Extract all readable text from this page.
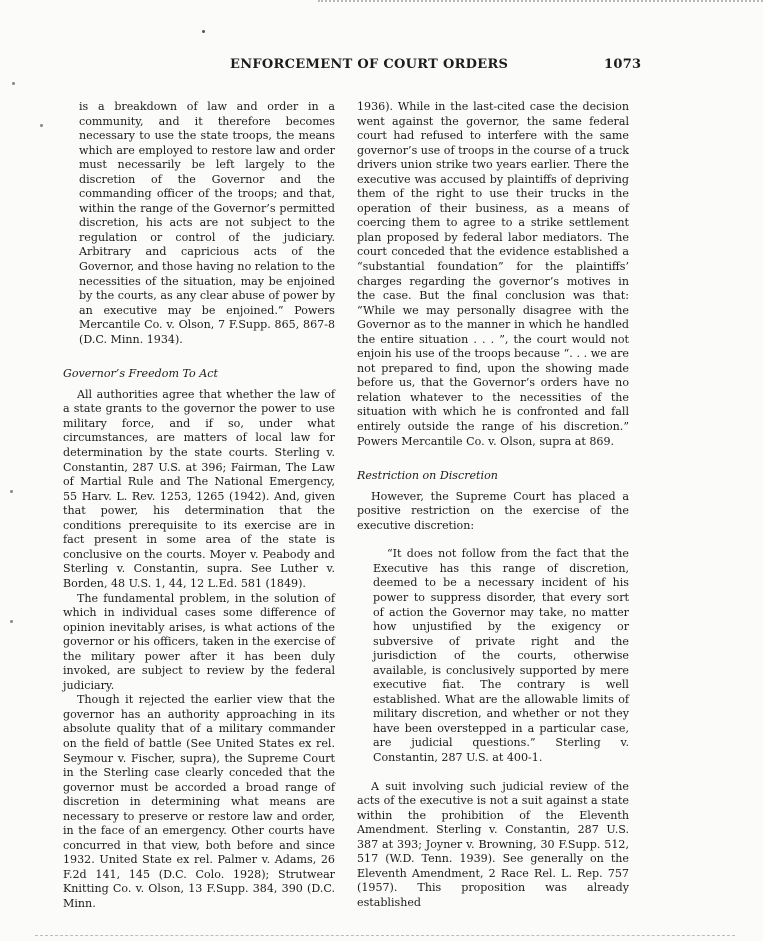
ENFORCEMENT OF COURT ORDERS	1073

is a breakdown of law and order in a community, and it therefore becomes necessary to use the state troops, the means which are employed to restore law and order must necessarily be left largely to the discretion of the Governor and the commanding officer of the troops; and that, within the range of the Governor’s permitted discretion, his acts are not subject to the regulation or control of the judiciary. Arbitrary and capricious acts of the Governor, and those having no relation to the necessities of the situation, may be enjoined by the courts, as any clear abuse of power by an executive may be enjoined.” Powers Mercantile Co. v. Olson, 7 F.Supp. 865, 867-8 (D.C. Minn. 1934).

Governor’s Freedom To Act

All authorities agree that whether the law of a state grants to the governor the power to use military force, and if so, under what circumstances, are matters of local law for determination by the state courts. Sterling v. Constantin, 287 U.S. at 396; Fairman, The Law of Martial Rule and The National Emergency, 55 Harv. L. Rev. 1253, 1265 (1942). And, given that power, his determination that the conditions prerequisite to its exercise are in fact present in some area of the state is conclusive on the courts. Moyer v. Peabody and Sterling v. Constantin, supra. See Luther v. Borden, 48 U.S. 1, 44, 12 L.Ed. 581 (1849).

The fundamental problem, in the solution of which in individual cases some difference of opinion inevitably arises, is what actions of the governor or his officers, taken in the exercise of the military power after it has been duly invoked, are subject to review by the federal judiciary.

Though it rejected the earlier view that the governor has an authority approaching in its absolute quality that of a military commander on the field of battle (See United States ex rel. Seymour v. Fischer, supra), the Supreme Court in the Sterling case clearly conceded that the governor must be accorded a broad range of discretion in determining what means are necessary to preserve or restore law and order, in the face of an emergency. Other courts have concurred in that view, both before and since 1932. United State ex rel. Palmer v. Adams, 26 F.2d 141, 145 (D.C. Colo. 1928); Strutwear Knitting Co. v. Olson, 13 F.Supp. 384, 390 (D.C. Minn.

1936). While in the last-cited case the decision went against the governor, the same federal court had refused to interfere with the same governor’s use of troops in the course of a truck drivers union strike two years earlier. There the executive was accused by plaintiffs of depriving them of the right to use their trucks in the operation of their business, as a means of coercing them to agree to a strike settlement plan proposed by federal labor mediators. The court conceded that the evidence established a “substantial foundation” for the plaintiffs’ charges regarding the governor’s motives in the case. But the final conclusion was that: “While we may personally disagree with the Governor as to the manner in which he handled the entire situation . . . ”, the court would not enjoin his use of the troops because “. . . we are not prepared to find, upon the showing made before us, that the Governor’s orders have no relation whatever to the necessities of the situation with which he is confronted and fall entirely outside the range of his discretion.” Powers Mercantile Co. v. Olson, supra at 869.

Restriction on Discretion

However, the Supreme Court has placed a positive restriction on the exercise of the executive discretion:

“It does not follow from the fact that the Executive has this range of discretion, deemed to be a necessary incident of his power to suppress disorder, that every sort of action the Governor may take, no matter how unjustified by the exigency or subversive of private right and the jurisdiction of the courts, otherwise available, is conclusively supported by mere executive fiat. The contrary is well established. What are the allowable limits of military discretion, and whether or not they have been overstepped in a particular case, are judicial questions.” Sterling v. Constantin, 287 U.S. at 400-1.

A suit involving such judicial review of the acts of the executive is not a suit against a state within the prohibition of the Eleventh Amendment. Sterling v. Constantin, 287 U.S. 387 at 393; Joyner v. Browning, 30 F.Supp. 512, 517 (W.D. Tenn. 1939). See generally on the Eleventh Amendment, 2 Race Rel. L. Rep. 757 (1957). This proposition was already established
